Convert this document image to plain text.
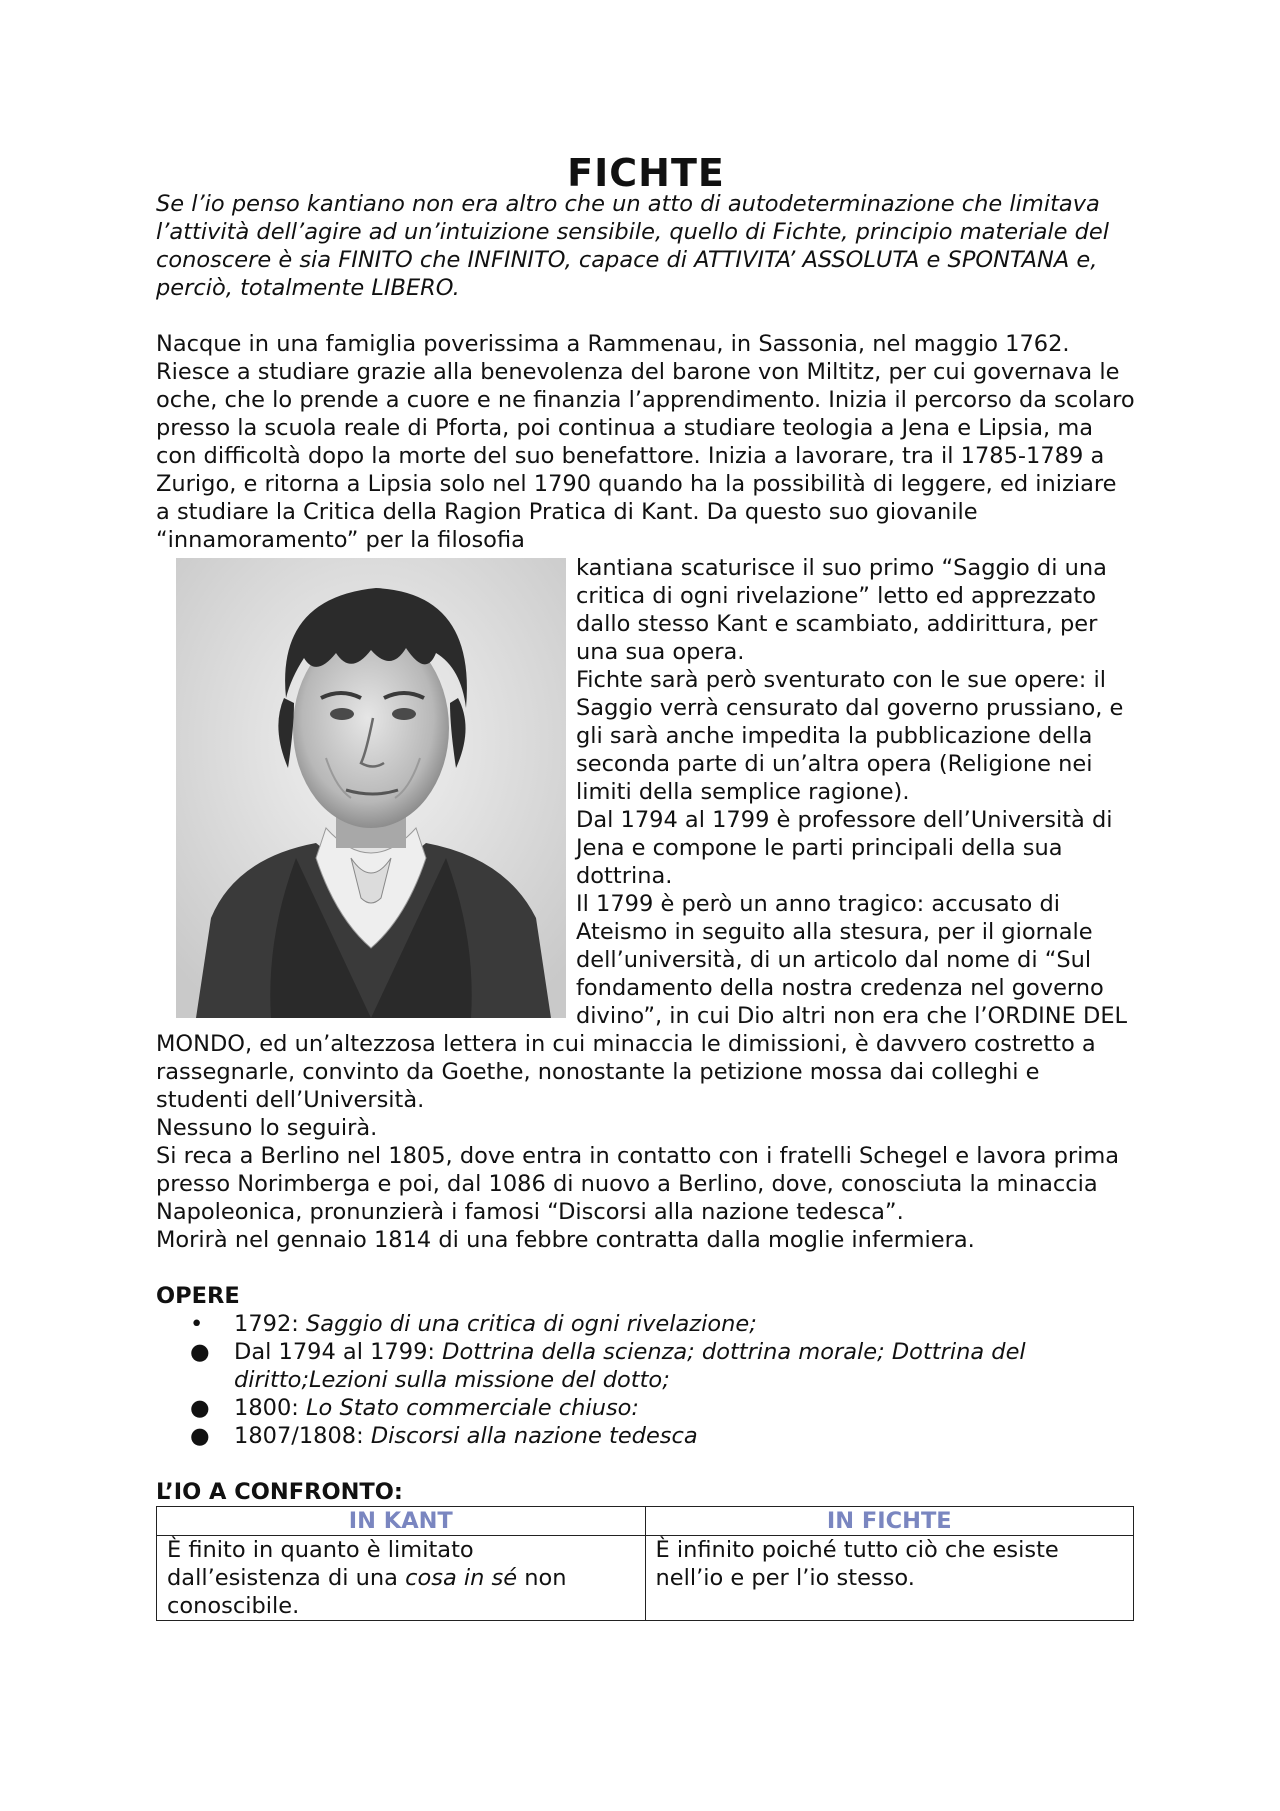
FICHTE

Se l’io penso kantiano non era altro che un atto di autodeterminazione che limitava l’attività dell’agire ad un’intuizione sensibile, quello di Fichte, principio materiale del conoscere è sia FINITO che INFINITO, capace di ATTIVITA’ ASSOLUTA e SPONTANA e, perciò, totalmente LIBERO.

Nacque in una famiglia poverissima a Rammenau, in Sassonia, nel maggio 1762. Riesce a studiare grazie alla benevolenza del barone von Miltitz, per cui governava le oche, che lo prende a cuore e ne finanzia l’apprendimento. Inizia il percorso da scolaro presso la scuola reale di Pforta, poi continua a studiare teologia a Jena e Lipsia, ma con difficoltà dopo la morte del suo benefattore. Inizia a lavorare, tra il 1785-1789 a Zurigo, e ritorna a Lipsia solo nel 1790 quando ha la possibilità di leggere, ed iniziare a studiare la Critica della Ragion Pratica di Kant. Da questo suo giovanile “innamoramento” per la filosofia

kantiana scaturisce il suo primo “Saggio di una critica di ogni rivelazione” letto ed apprezzato dallo stesso Kant e scambiato, addirittura, per una sua opera.

Fichte sarà però sventurato con le sue opere: il Saggio verrà censurato dal governo prussiano, e gli sarà anche impedita la pubblicazione della seconda parte di un’altra opera (Religione nei limiti della semplice ragione).

Dal 1794 al 1799 è professore dell’Università di Jena e compone le parti principali della sua dottrina.

Il 1799 è però un anno tragico: accusato di Ateismo in seguito alla stesura, per il giornale dell’università, di un articolo dal nome di “Sul fondamento della nostra credenza nel governo divino”, in cui Dio altri non era che l’ORDINE DEL MONDO, ed un’altezzosa lettera in cui minaccia le dimissioni, è davvero costretto a rassegnarle, convinto da Goethe, nonostante la petizione mossa dai colleghi e studenti dell’Università.

Nessuno lo seguirà.

Si reca a Berlino nel 1805, dove entra in contatto con i fratelli Schegel e lavora prima presso Norimberga e poi, dal 1086 di nuovo a Berlino, dove, conosciuta la minaccia Napoleonica, pronunzierà i famosi “Discorsi alla nazione tedesca”.

Morirà nel gennaio 1814 di una febbre contratta dalla moglie infermiera.

OPERE
• 1792: Saggio di una critica di ogni rivelazione;
● Dal 1794 al 1799: Dottrina della scienza; dottrina morale; Dottrina del diritto;Lezioni sulla missione del dotto;
● 1800: Lo Stato commerciale chiuso:
● 1807/1808: Discorsi alla nazione tedesca
L’IO A CONFRONTO:
IN KANT	IN FICHTE
È finito in quanto è limitato dall’esistenza di una cosa in sé non conoscibile.	È infinito poiché tutto ciò che esiste nell’io e per l’io stesso.
